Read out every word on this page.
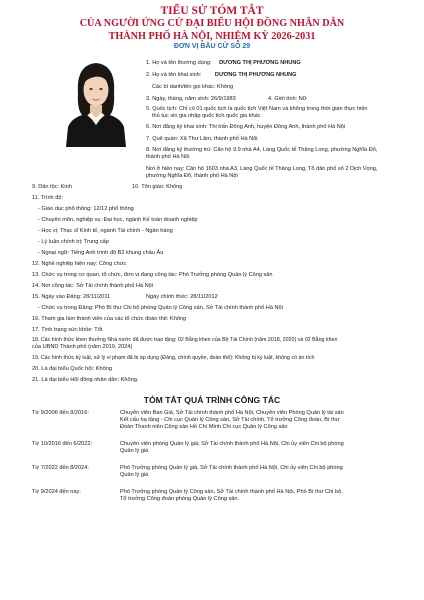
TIỂU SỬ TÓM TẮT
CỦA NGƯỜI ỨNG CỬ ĐẠI BIỂU HỘI ĐỒNG NHÂN DÂN
THÀNH PHỐ HÀ NỘI, NHIỆM KỲ 2026-2031
ĐƠN VỊ BẦU CỬ SỐ 29
1. Họ và tên thường dùng: DƯƠNG THỊ PHƯƠNG NHUNG
2. Họ và tên khai sinh: DƯƠNG THỊ PHƯƠNG NHUNG
Các bí danh/tên gọi khác: Không
3. Ngày, tháng, năm sinh: 26/9/1983	4. Giới tính: Nữ
5. Quốc tịch: Chỉ có 01 quốc tịch là quốc tịch Việt Nam và không trong thời gian thực hiện
thủ tục xin gia nhập quốc tịch quốc gia khác
6. Nơi đăng ký khai sinh: Thị trấn Đông Anh, huyện Đông Anh, thành phố Hà Nội
7. Quê quán: Xã Thư Lâm, thành phố Hà Nội
8. Nơi đăng ký thường trú: Căn hộ 9.9 nhà A4, Làng Quốc tế Thăng Long, phường Nghĩa Đô,
thành phố Hà Nội
Nơi ở hiện nay: Căn hộ 1603 nhà A3, Làng Quốc tế Thăng Long, Tổ dân phố số 2 Dịch Vọng,
phường Nghĩa Đô, thành phố Hà Nội
9. Dân tộc: Kinh	10. Tôn giáo: Không
11. Trình độ:
- Giáo dục phổ thông: 12/12 phổ thông
- Chuyên môn, nghiệp vụ: Đại học, ngành Kế toán doanh nghiệp
- Học vị: Thạc sĩ Kinh tế, ngành Tài chính - Ngân hàng
- Lý luận chính trị: Trung cấp
- Ngoại ngữ: Tiếng Anh trình độ B2 khung châu Âu
12. Nghề nghiệp hiện nay: Công chức
13. Chức vụ trong cơ quan, tổ chức, đơn vị đang công tác: Phó Trưởng phòng Quản lý Công sản
14. Nơi công tác: Sở Tài chính thành phố Hà Nội
15. Ngày vào Đảng: 28/11/2011	Ngày chính thức: 28/11/2012
- Chức vụ trong Đảng: Phó Bí thư Chi bộ phòng Quản lý Công sản, Sở Tài chính thành phố Hà Nội
16. Tham gia làm thành viên của các tổ chức đoàn thể: Không
17. Tình trạng sức khỏe: Tốt
18. Các hình thức khen thưởng Nhà nước đã được trao tặng: 02 Bằng khen của Bộ Tài Chính (năm 2018, 2020) và 02 Bằng khen
của UBND Thành phố (năm 2019, 2024)
19. Các hình thức kỷ luật, xử lý vi phạm đã bị áp dụng (Đảng, chính quyền, đoàn thể): Không bị kỷ luật, không có án tích
20. Là đại biểu Quốc hội: Không
21. Là đại biểu Hội đồng nhân dân: Không.
TÓM TẮT QUÁ TRÌNH CÔNG TÁC
Từ 9/2006 đến 9/2016:	Chuyên viên Ban Giá, Sở Tài chính thành phố Hà Nội, Chuyên viên Phòng Quản lý tài sản
Kết cấu hạ tầng - Chi cục Quản lý Công sản, Sở Tài chính, Tổ trưởng Công đoàn, Bí thư
Đoàn Thanh niên Cộng sản Hồ Chí Minh Chi cục Quản lý Công sản
Từ 10/2016 đến 6/2022:	Chuyên viên phòng Quản lý giá, Sở Tài chính thành phố Hà Nội, Chi ủy viên Chi bộ phòng
Quản lý giá
Từ 7/2022 đến 8/2024:	Phó Trưởng phòng Quản lý giá, Sở Tài chính thành phố Hà Nội, Chi ủy viên Chi bộ phòng
Quản lý giá
Từ 9/2024 đến nay:	Phó Trưởng phòng Quản lý Công sản, Sở Tài chính thành phố Hà Nội, Phó Bí thư Chi bộ,
Tổ trưởng Công đoàn phòng Quản lý Công sản.
